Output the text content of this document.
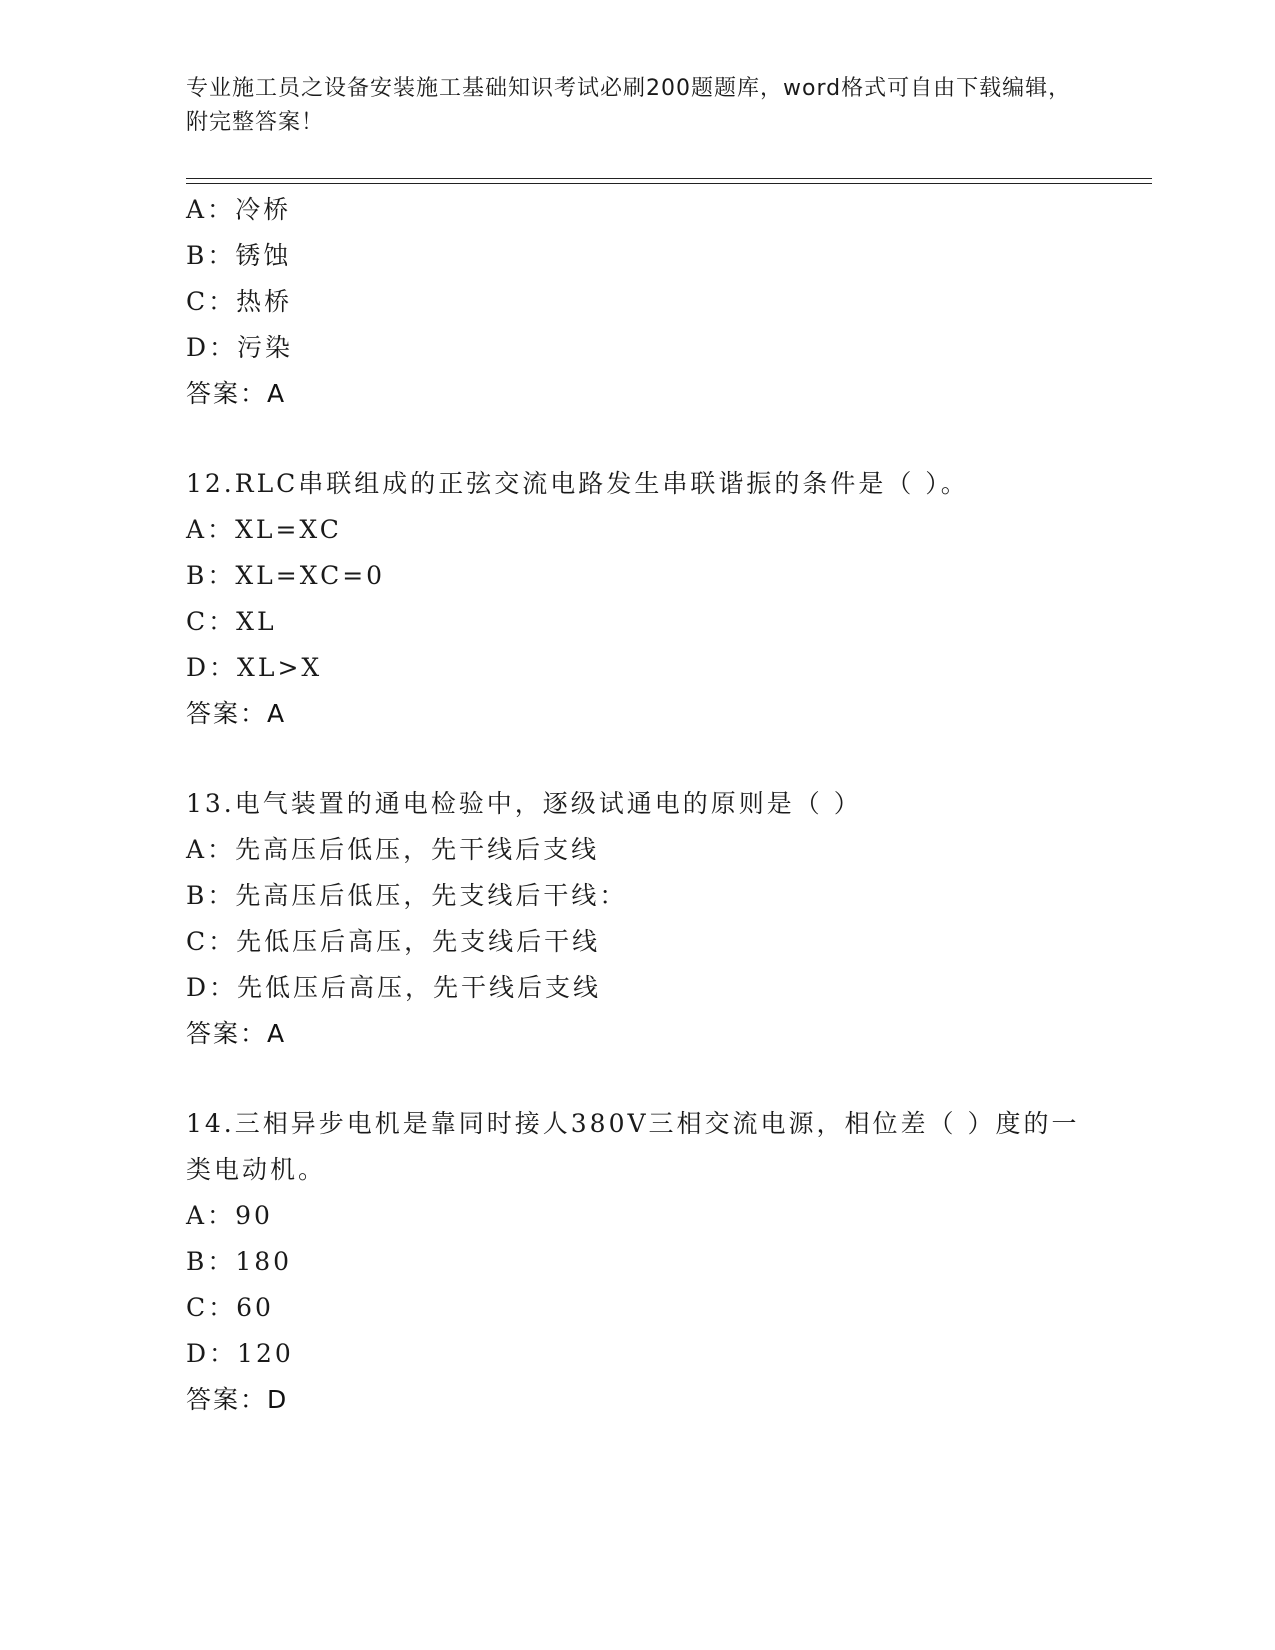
专业施工员之设备安装施工基础知识考试必刷200题题库，word格式可自由下载编辑，附完整答案！
A：冷桥
B：锈蚀
C：热桥
D：污染
答案：A
12.RLC串联组成的正弦交流电路发生串联谐振的条件是（ ）。
A：XL=XC
B：XL=XC=0
C：XL
D：XL>X
答案：A
13.电气装置的通电检验中，逐级试通电的原则是（ ）
A：先高压后低压，先干线后支线
B：先高压后低压，先支线后干线：
C：先低压后高压，先支线后干线
D：先低压后高压，先干线后支线
答案：A
14.三相异步电机是靠同时接人380V三相交流电源，相位差（ ）度的一类电动机。
A：90
B：180
C：60
D：120
答案：D
